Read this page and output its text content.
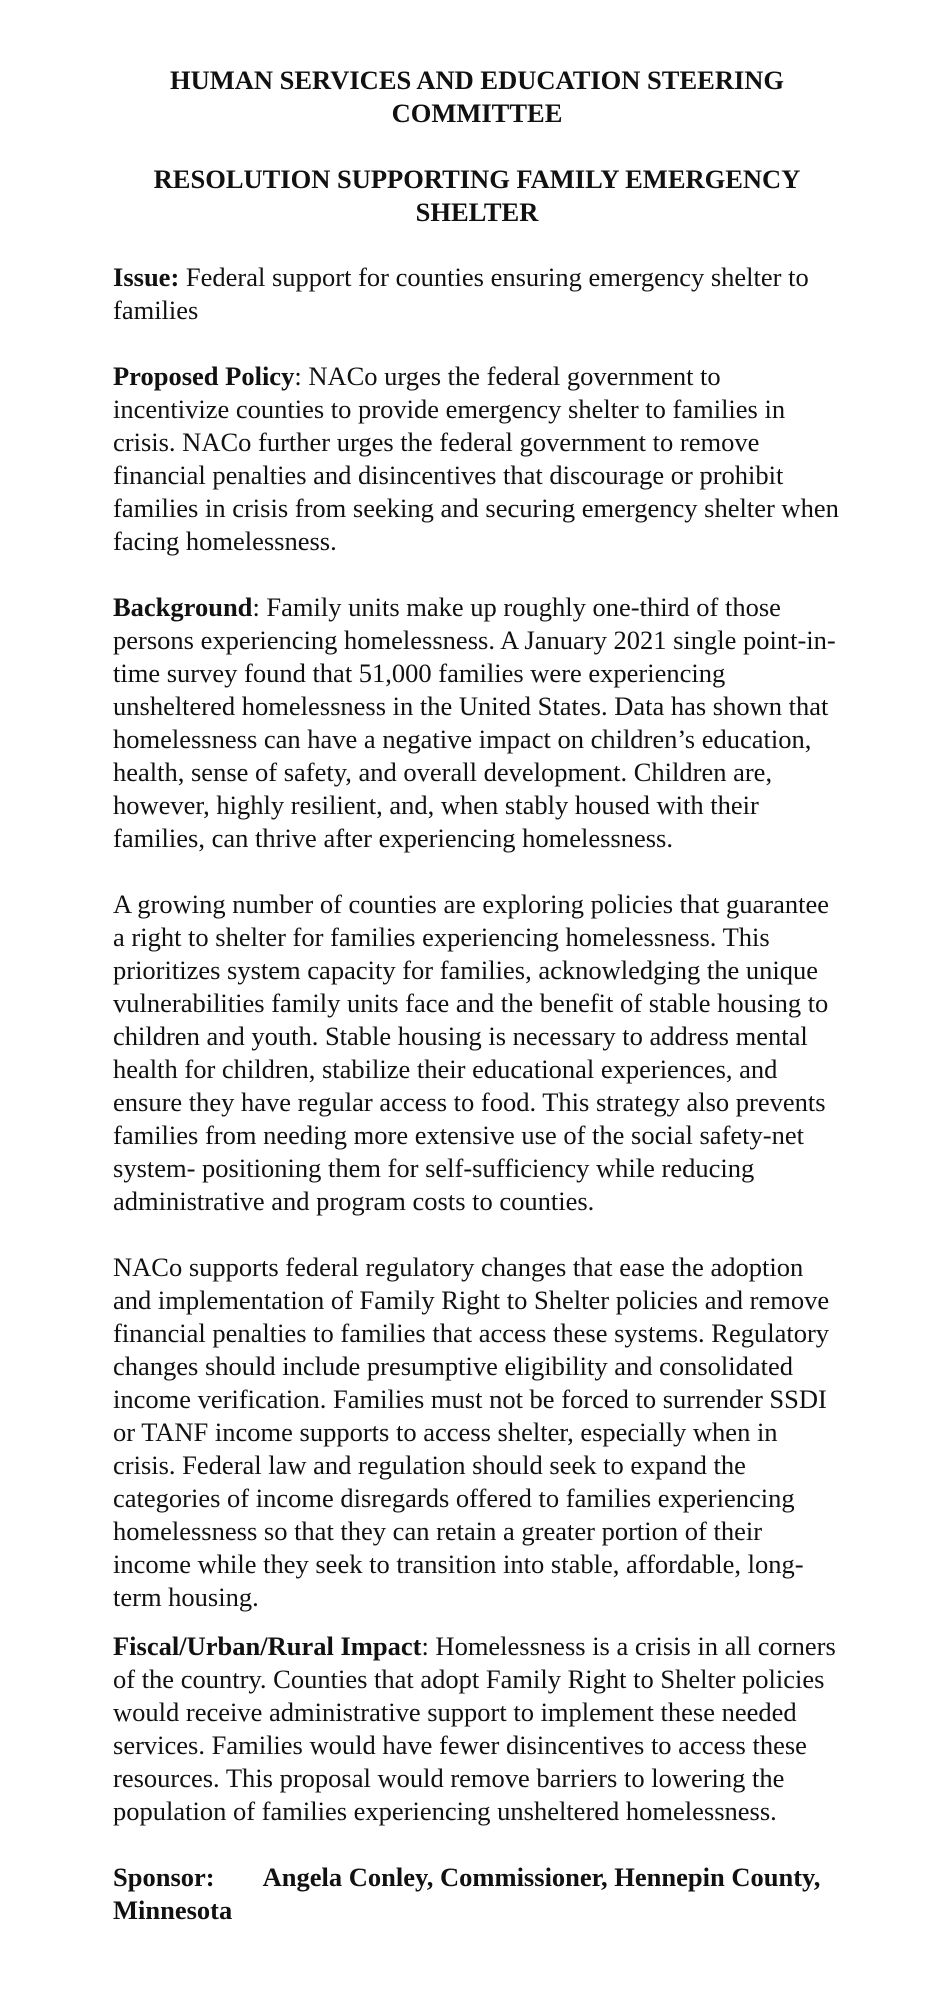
HUMAN SERVICES AND EDUCATION STEERING COMMITTEE
RESOLUTION SUPPORTING FAMILY EMERGENCY SHELTER

Issue: Federal support for counties ensuring emergency shelter to families

Proposed Policy: NACo urges the federal government to incentivize counties to provide emergency shelter to families in crisis. NACo further urges the federal government to remove financial penalties and disincentives that discourage or prohibit families in crisis from seeking and securing emergency shelter when facing homelessness.

Background: Family units make up roughly one-third of those persons experiencing homelessness. A January 2021 single point-in-time survey found that 51,000 families were experiencing unsheltered homelessness in the United States. Data has shown that homelessness can have a negative impact on children’s education, health, sense of safety, and overall development. Children are, however, highly resilient, and, when stably housed with their families, can thrive after experiencing homelessness.

A growing number of counties are exploring policies that guarantee a right to shelter for families experiencing homelessness. This prioritizes system capacity for families, acknowledging the unique vulnerabilities family units face and the benefit of stable housing to children and youth. Stable housing is necessary to address mental health for children, stabilize their educational experiences, and ensure they have regular access to food. This strategy also prevents families from needing more extensive use of the social safety-net system- positioning them for self-sufficiency while reducing administrative and program costs to counties.

NACo supports federal regulatory changes that ease the adoption and implementation of Family Right to Shelter policies and remove financial penalties to families that access these systems. Regulatory changes should include presumptive eligibility and consolidated income verification. Families must not be forced to surrender SSDI or TANF income supports to access shelter, especially when in crisis. Federal law and regulation should seek to expand the categories of income disregards offered to families experiencing homelessness so that they can retain a greater portion of their income while they seek to transition into stable, affordable, long-term housing.

Fiscal/Urban/Rural Impact: Homelessness is a crisis in all corners of the country. Counties that adopt Family Right to Shelter policies would receive administrative support to implement these needed services. Families would have fewer disincentives to access these resources. This proposal would remove barriers to lowering the population of families experiencing unsheltered homelessness.

Sponsor: Angela Conley, Commissioner, Hennepin County, Minnesota
